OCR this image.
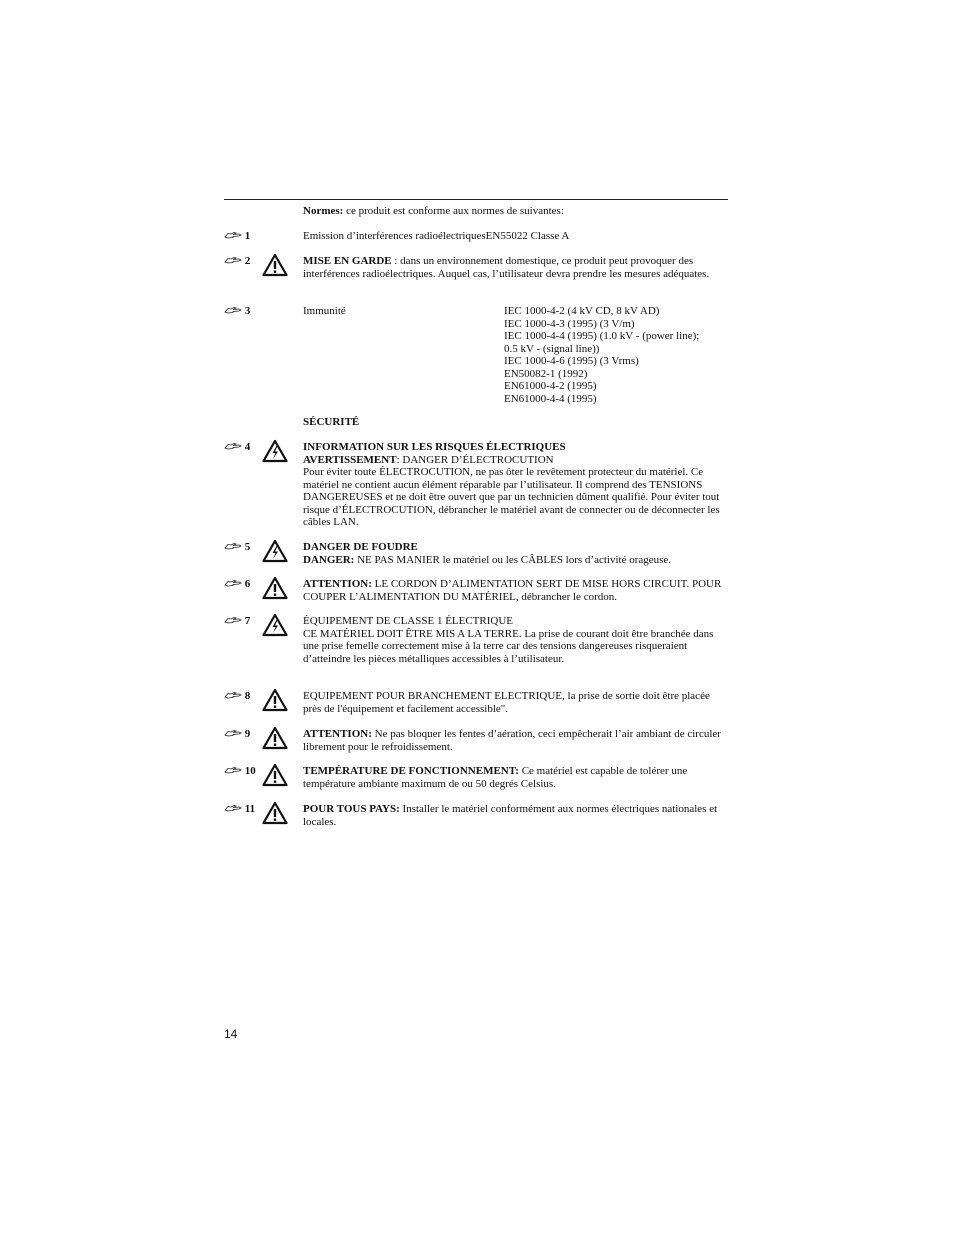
Normes: ce produit est conforme aux normes de suivantes:

1	Emission d’interférences radioélectriquesEN55022 Classe A

2	MISE EN GARDE : dans un environnement domestique, ce produit peut provoquer des interférences radioélectriques. Auquel cas, l’utilisateur devra prendre les mesures adéquates.

3	Immunité	IEC 1000-4-2 (4 kV CD, 8 kV AD)
IEC 1000-4-3 (1995) (3 V/m)
IEC 1000-4-4 (1995) (1.0 kV - (power line);
0.5 kV - (signal line))
IEC 1000-4-6 (1995) (3 Vrms)
EN50082-1 (1992)
EN61000-4-2 (1995)
EN61000-4-4 (1995)

SÉCURITÉ

4	INFORMATION SUR LES RISQUES ÉLECTRIQUES

AVERTISSEMENT: DANGER D’ÉLECTROCUTION

Pour éviter toute ÉLECTROCUTION, ne pas ôter le revêtement protecteur du matériel. Ce matériel ne contient aucun élément réparable par l’utilisateur. Il comprend des TENSIONS DANGEREUSES et ne doit être ouvert que par un technicien dûment qualifié. Pour éviter tout risque d’ÉLECTROCUTION, débrancher le matériel avant de connecter ou de déconnecter les câbles LAN.

5	DANGER DE FOUDRE

DANGER: NE PAS MANIER le matériel ou les CÂBLES lors d’activité orageuse.

6	ATTENTION: LE CORDON D’ALIMENTATION SERT DE MISE HORS CIRCUIT. POUR COUPER L’ALIMENTATION DU MATÉRIEL, débrancher le cordon.

7	ÉQUIPEMENT DE CLASSE 1 ÉLECTRIQUE

CE MATÉRIEL DOIT ÊTRE MIS A LA TERRE. La prise de courant doit être branchée dans une prise femelle correctement mise à la terre car des tensions dangereuses risqueraient d’atteindre les pièces métalliques accessibles à l’utilisateur.

8	EQUIPEMENT POUR BRANCHEMENT ELECTRIQUE, la prise de sortie doit être placée près de l'équipement et facilement accessible".

9	ATTENTION: Ne pas bloquer les fentes d’aération, ceci empêcherait l’air ambiant de circuler librement pour le refroidissement.

10	TEMPÉRATURE DE FONCTIONNEMENT: Ce matériel est capable de tolérer une température ambiante maximum de ou 50 degrés Celsius.

11	POUR TOUS PAYS: Installer le matériel conformément aux normes électriques nationales et locales.

14
